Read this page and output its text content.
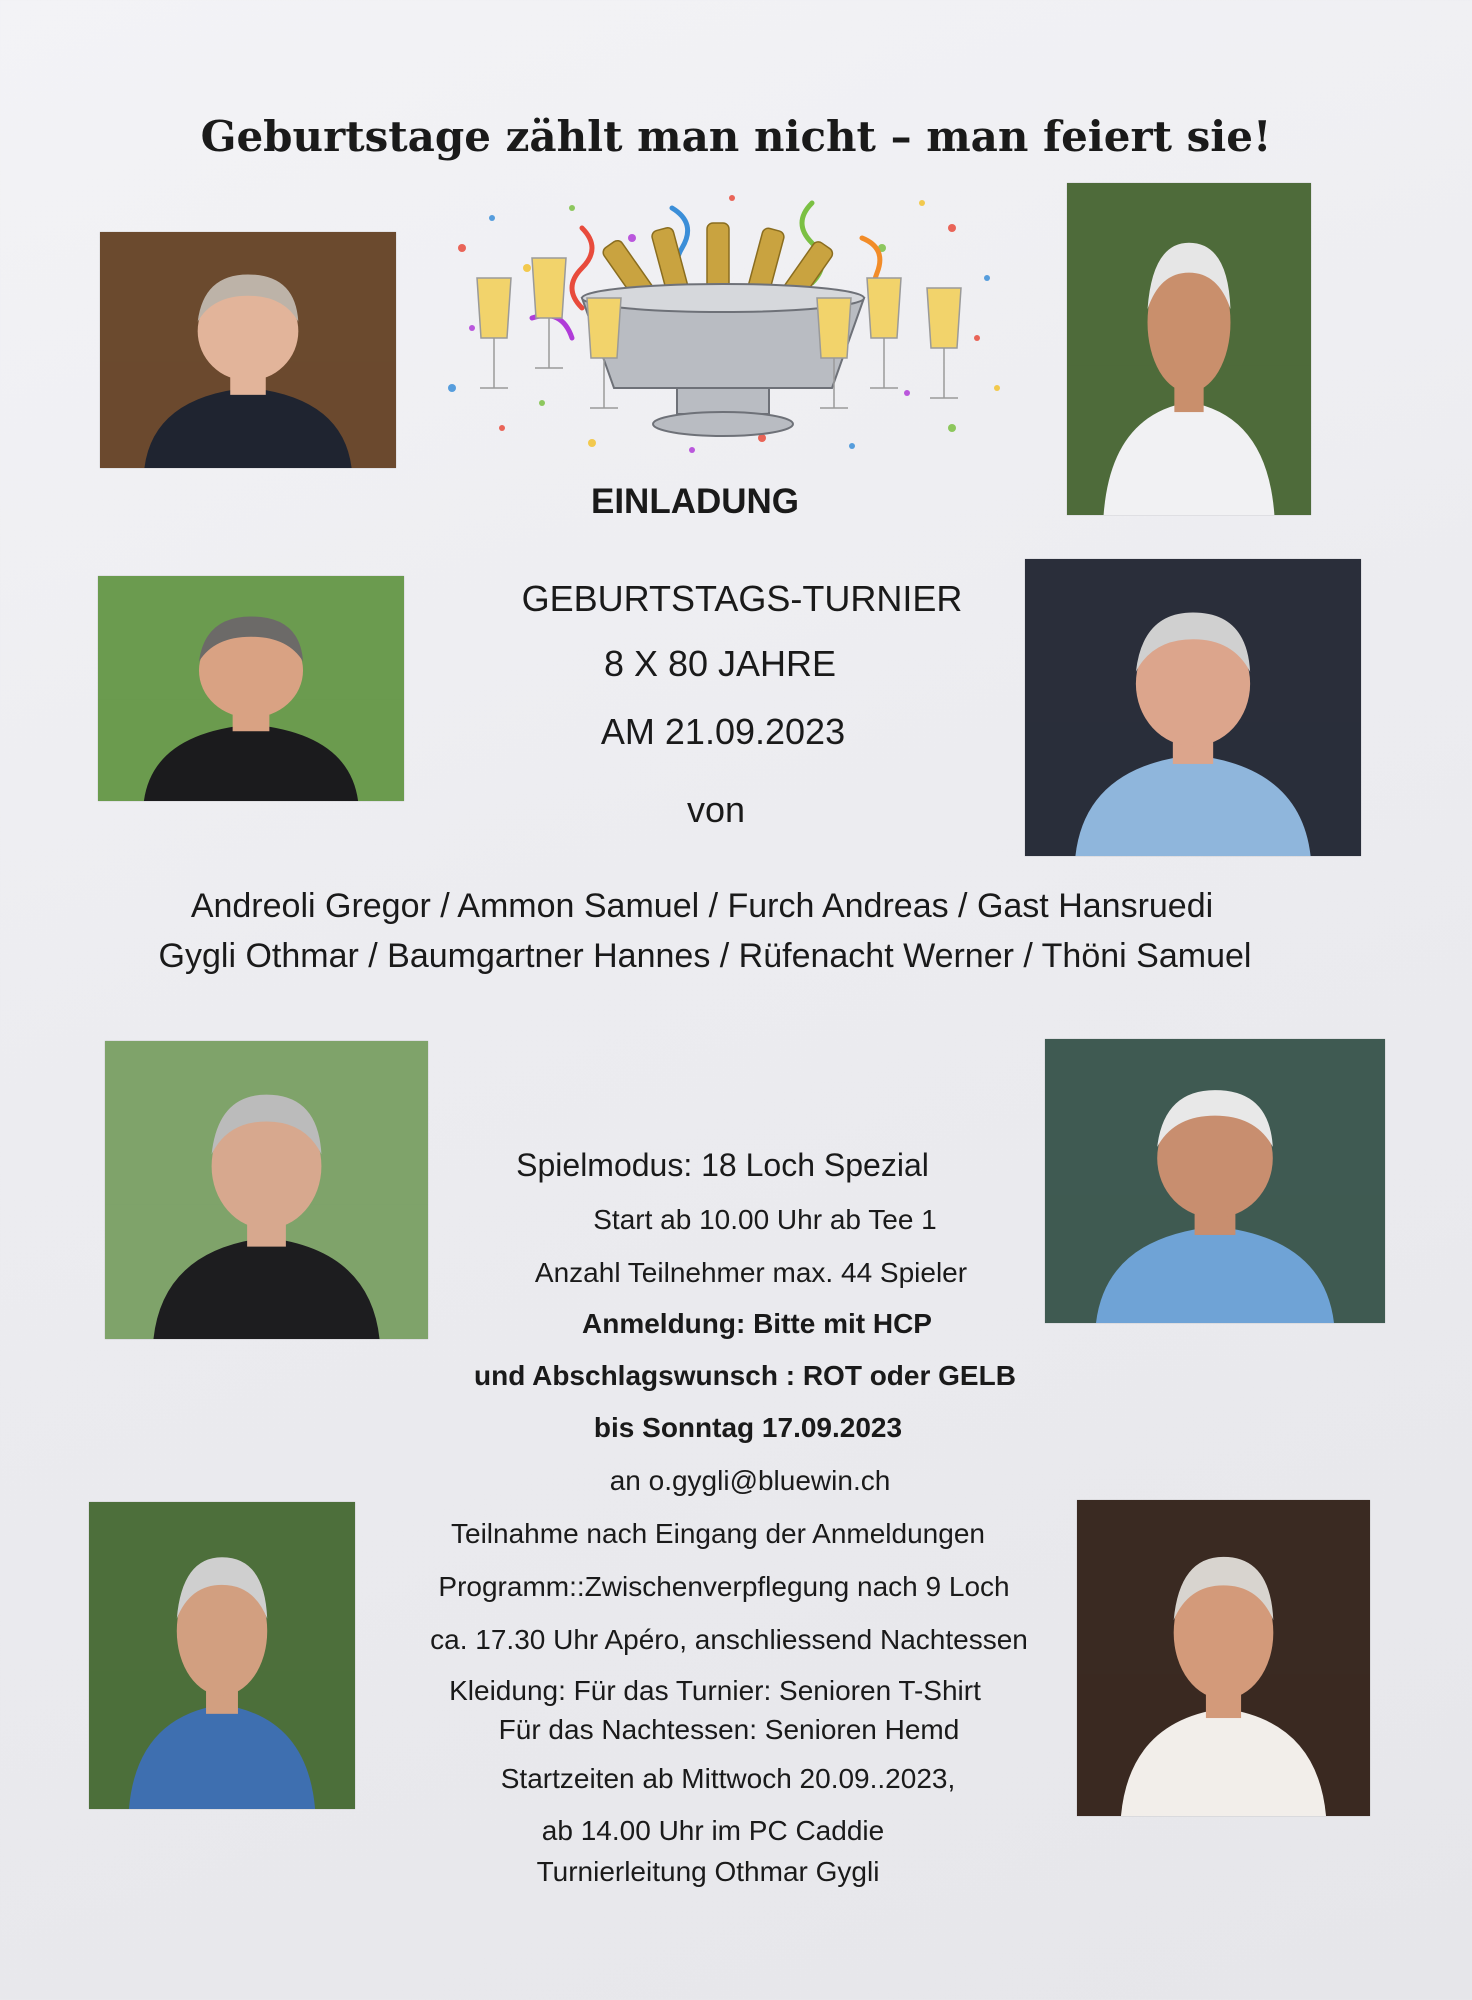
Geburtstage zählt man nicht – man feiert sie!
EINLADUNG
GEBURTSTAGS-TURNIER
8 X 80 JAHRE
AM 21.09.2023
von
Andreoli Gregor / Ammon Samuel / Furch Andreas / Gast Hansruedi
Gygli Othmar / Baumgartner Hannes / Rüfenacht Werner / Thöni Samuel
Spielmodus: 18 Loch Spezial
Start ab 10.00 Uhr ab Tee 1
Anzahl Teilnehmer max. 44 Spieler
Anmeldung: Bitte mit HCP
und Abschlagswunsch : ROT oder GELB
bis Sonntag 17.09.2023
an o.gygli@bluewin.ch
Teilnahme nach Eingang der Anmeldungen
Programm::Zwischenverpflegung nach 9 Loch
ca. 17.30 Uhr Apéro, anschliessend Nachtessen
Kleidung: Für das Turnier: Senioren T-Shirt
Für das Nachtessen: Senioren Hemd
Startzeiten ab Mittwoch 20.09..2023,
ab 14.00 Uhr im PC Caddie
Turnierleitung Othmar Gygli
